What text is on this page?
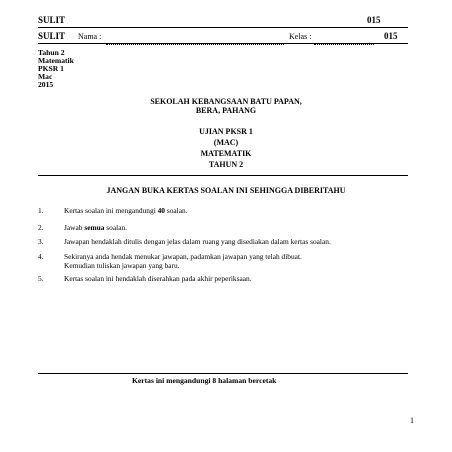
SULIT	015
SULIT Nama :	Kelas :	015
Tahun 2
Matematik
PKSR 1
Mac
2015
SEKOLAH KEBANGSAAN BATU PAPAN,
BERA, PAHANG
UJIAN PKSR 1
(MAC)
MATEMATIK
TAHUN 2
JANGAN BUKA KERTAS SOALAN INI SEHINGGA DIBERITAHU
1.	Kertas soalan ini mengandungi 40 soalan.
2.	Jawab semua soalan.
3.	Jawapan hendaklah ditulis dengan jelas dalam ruang yang disediakan dalam kertas soalan.
4.	Sekiranya anda hendak menukar jawapan, padamkan jawapan yang telah dibuat.
Kemudian tuliskan jawapan yang baru.
5.	Kertas soalan ini hendaklah diserahkan pada akhir peperiksaan.
Kertas ini mengandungi 8 halaman bercetak
1
